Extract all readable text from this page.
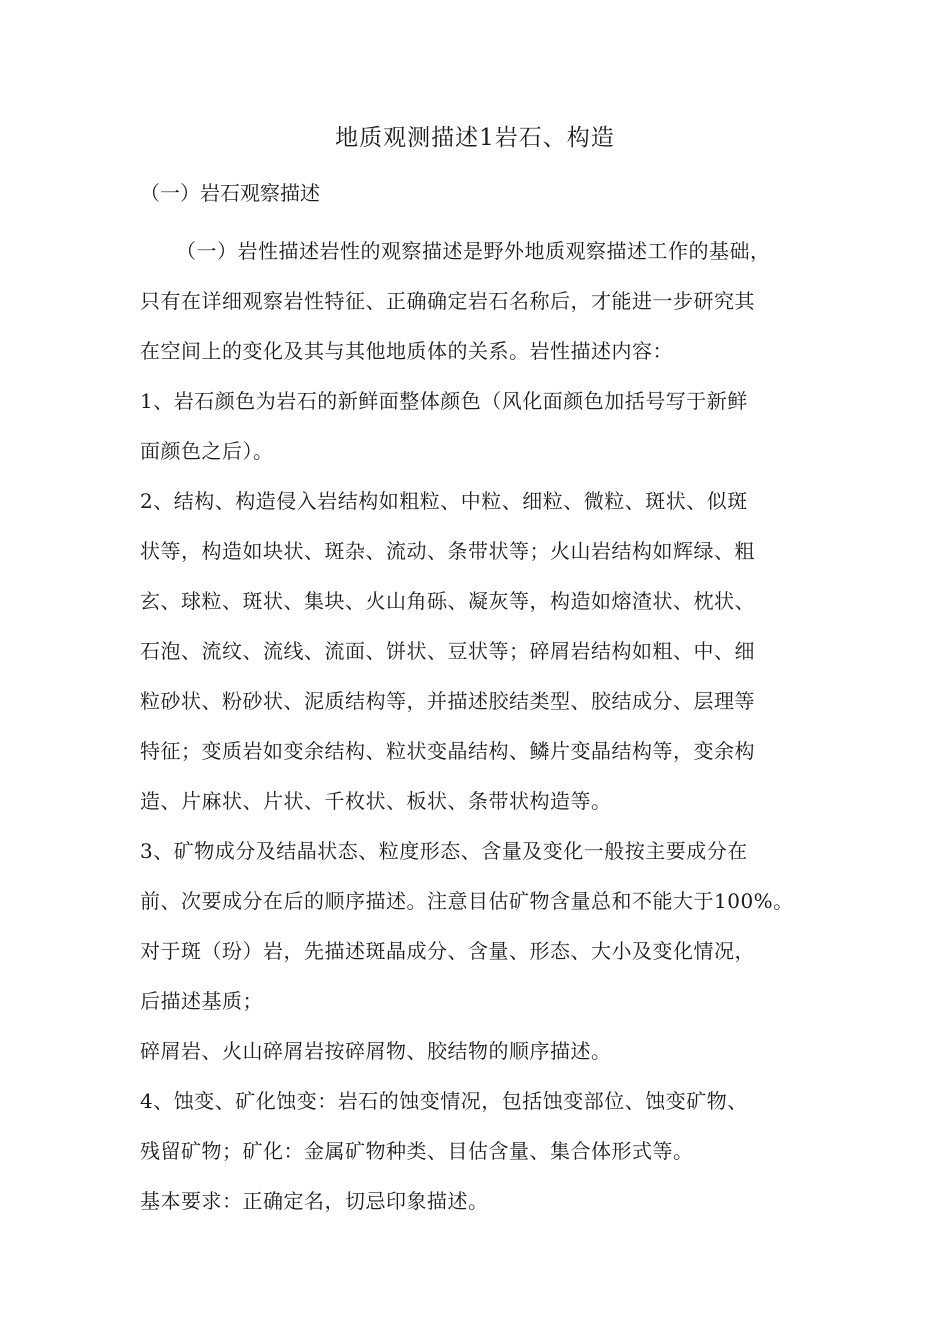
地质观测描述1岩石、构造
（一）岩石观察描述
（一）岩性描述岩性的观察描述是野外地质观察描述工作的基础，
只有在详细观察岩性特征、正确确定岩石名称后，才能进一步研究其
在空间上的变化及其与其他地质体的关系。岩性描述内容：
1、岩石颜色为岩石的新鲜面整体颜色（风化面颜色加括号写于新鲜
面颜色之后）。
2、结构、构造侵入岩结构如粗粒、中粒、细粒、微粒、斑状、似斑
状等，构造如块状、斑杂、流动、条带状等；火山岩结构如辉绿、粗
玄、球粒、斑状、集块、火山角砾、凝灰等，构造如熔渣状、枕状、
石泡、流纹、流线、流面、饼状、豆状等；碎屑岩结构如粗、中、细
粒砂状、粉砂状、泥质结构等，并描述胶结类型、胶结成分、层理等
特征；变质岩如变余结构、粒状变晶结构、鳞片变晶结构等，变余构
造、片麻状、片状、千枚状、板状、条带状构造等。
3、矿物成分及结晶状态、粒度形态、含量及变化一般按主要成分在
前、次要成分在后的顺序描述。注意目估矿物含量总和不能大于100%。
对于斑（玢）岩，先描述斑晶成分、含量、形态、大小及变化情况，
后描述基质；
碎屑岩、火山碎屑岩按碎屑物、胶结物的顺序描述。
4、蚀变、矿化蚀变：岩石的蚀变情况，包括蚀变部位、蚀变矿物、
残留矿物；矿化：金属矿物种类、目估含量、集合体形式等。
基本要求：正确定名，切忌印象描述。
